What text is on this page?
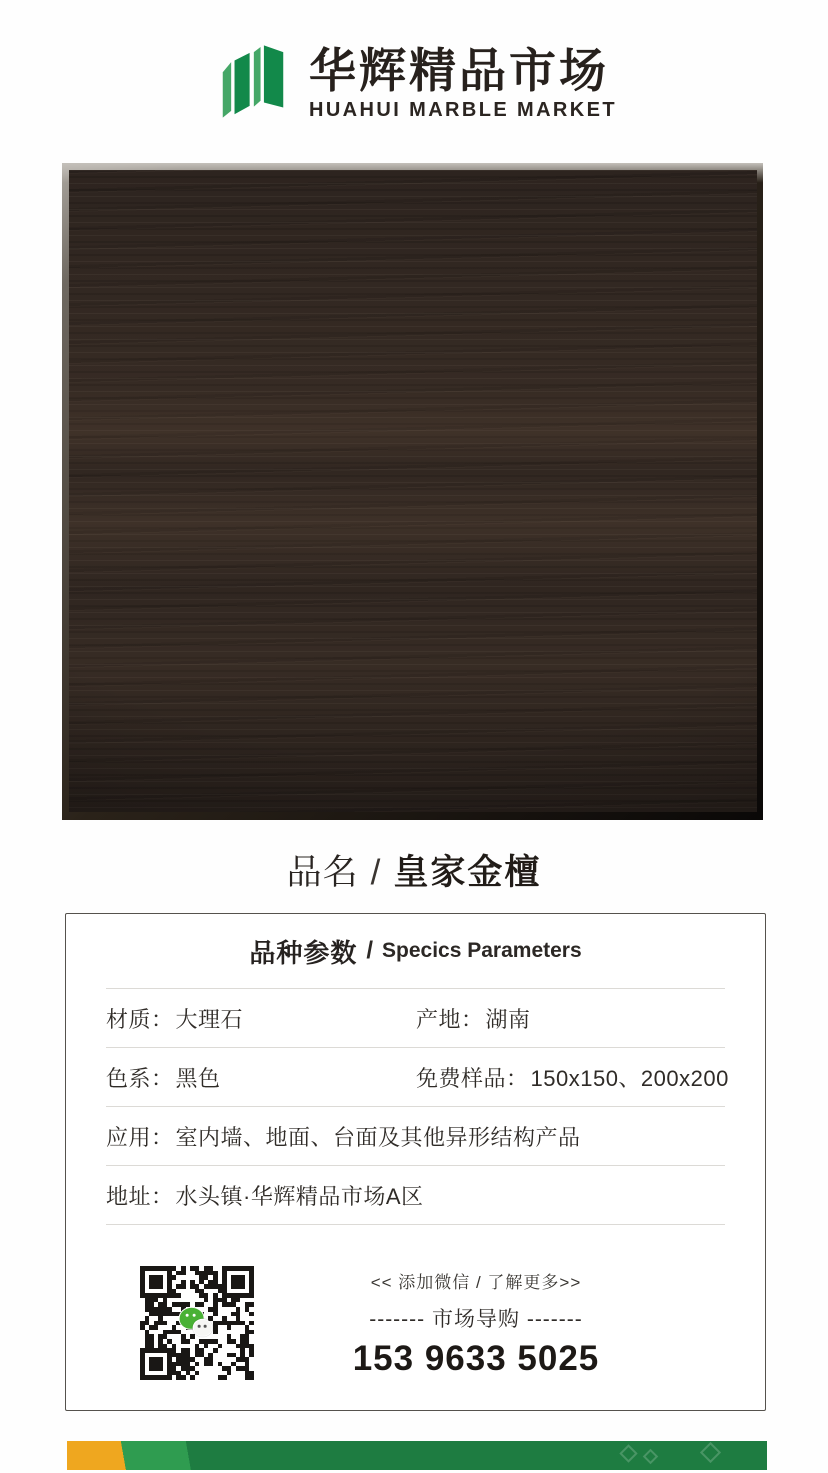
华辉精品市场
HUAHUI MARBLE MARKET
品名 / 皇家金檀
品种参数 / Specics Parameters
材质：大理石	产地：湖南
色系：黑色	免费样品：150x150、200x200
应用：室内墙、地面、台面及其他异形结构产品
地址：水头镇·华辉精品市场A区
<< 添加微信 / 了解更多>>
------- 市场导购 -------
153 9633 5025
